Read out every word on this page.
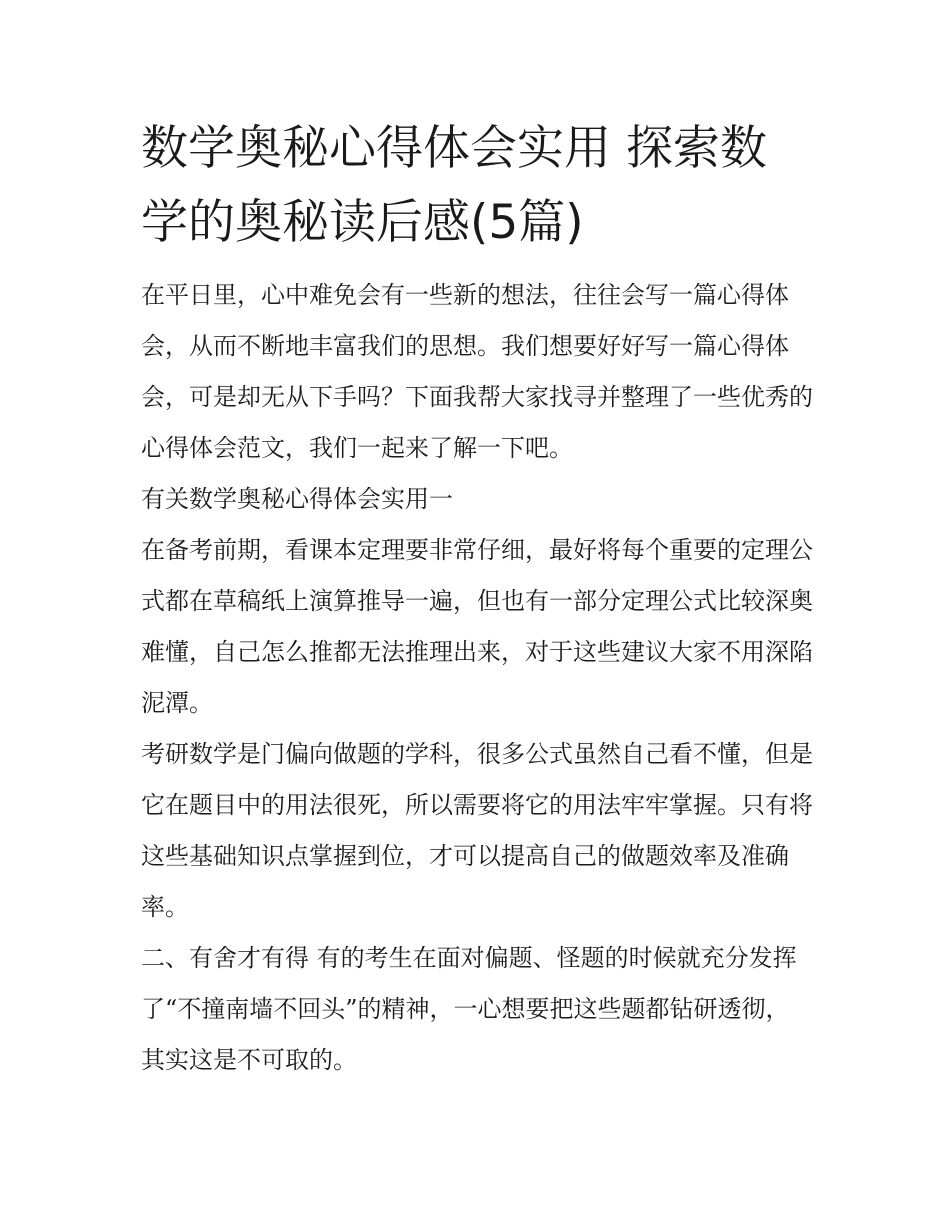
数学奥秘心得体会实用 探索数学的奥秘读后感(5篇)

在平日里，心中难免会有一些新的想法，往往会写一篇心得体会，从而不断地丰富我们的思想。我们想要好好写一篇心得体会，可是却无从下手吗？下面我帮大家找寻并整理了一些优秀的心得体会范文，我们一起来了解一下吧。

有关数学奥秘心得体会实用一

在备考前期，看课本定理要非常仔细，最好将每个重要的定理公式都在草稿纸上演算推导一遍，但也有一部分定理公式比较深奥难懂，自己怎么推都无法推理出来，对于这些建议大家不用深陷泥潭。

考研数学是门偏向做题的学科，很多公式虽然自己看不懂，但是它在题目中的用法很死，所以需要将它的用法牢牢掌握。只有将这些基础知识点掌握到位，才可以提高自己的做题效率及准确率。

二、有舍才有得 有的考生在面对偏题、怪题的时候就充分发挥了“不撞南墙不回头”的精神，一心想要把这些题都钻研透彻，其实这是不可取的。
